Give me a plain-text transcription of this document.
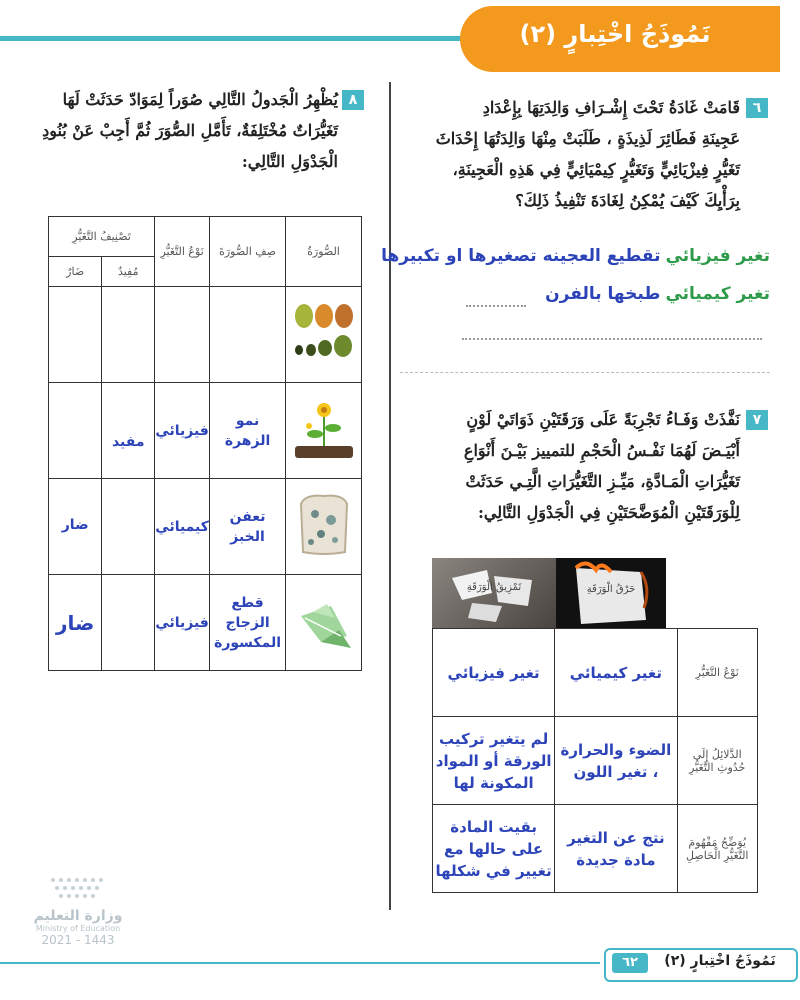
نَمُوذَجُ اخْتِبارٍ (٢)
٦
قَامَتْ غَادَةُ تَحْتَ إِشْـرَافِ وَالِدَتِهَا بِإِعْدَادِ
عَجِينَةِ فَطَائِرَ لَذِيذَةٍ ، طَلَبَتْ مِنْهَا وَالِدَتُهَا إِحْدَاثَ
تَغَيُّرٍ فِيزْيَائِيٍّ وَتَغَيُّرٍ كِيمْيَائِيٍّ فِي هَذِهِ الْعَجِينَةِ،
بِرَأْيِكَ كَيْفَ يُمْكِنُ لِغَادَةَ تَنْفِيذُ ذَلِكَ؟
تغير فيزيائي تقطيع العجينه تصغيرها او تكبيرها
تغير كيميائي طبخها بالفرن
٧
نَفَّذَتْ وَفَـاءُ تَجْرِبَةً عَلَى وَرَقَتَيْنِ ذَوَاتَيْ لَوْنٍ
أَبْيَـضَ لَهُمَا نَفْـسُ الْحَجْمِ للتمييز بَيْـنَ أَنْوَاعِ
تَغَيُّرَاتِ الْمَـادَّةِ، مَيِّـزِ التَّغَيُّرَاتِ الَّتِـي حَدَثَتْ
لِلْوَرَقَتَيْنِ الْمُوَضَّحَتَيْنِ فِي الْجَدْوَلِ التَّالِي:
تَمْزِيقُ الْوَرَقَةِ	حَرْقُ الْوَرَقَةِ
تغير فيزيائي	تغير كيميائي	نَوْعُ التَّغَيُّرِ

لم يتغير تركيب الورقة أو المواد المكونة لها	الضوء والحرارة ، تغير اللون	الدَّلائِلُ إِلَى حُدُوثِ التَّغَيُّرِ

بقيت المادة على حالها مع تغيير في شكلها	نتج عن التغير مادة جديدة	يُوَضِّحُ مَفْهُومَ التَّغَيُّرِ الْحَاصِلِ
٨
يُظْهِرُ الْجَدولُ التَّالِي صُوَراً لِمَوَادّ حَدَثَتْ لَهَا
تَغَيُّرَاتٌ مُخْتَلِفَةٌ، تَأَمَّلِ الصُّوَرَ ثُمَّ أَجِبْ عَنْ بُنُودِ
الْجَدْوَلِ التَّالِي:
تَصْنِيفُ التَّغَيُّرِ		نَوْعُ التَّغَيُّرِ	صِفِ الصُّورَةَ	الصُّورَةُ
ضَارٌ	مُفِيدٌ			

	مفيد	فيزيائي	نمو الزهرة

ضار		كيميائي	تعفن الخبز

ضار		فيزيائي	قطع الزجاج المكسورة

وزارة التعليم
Ministry of Education
2021 - 1443
٦٢	نَمُوذَجُ اخْتِبارٍ (٢)
